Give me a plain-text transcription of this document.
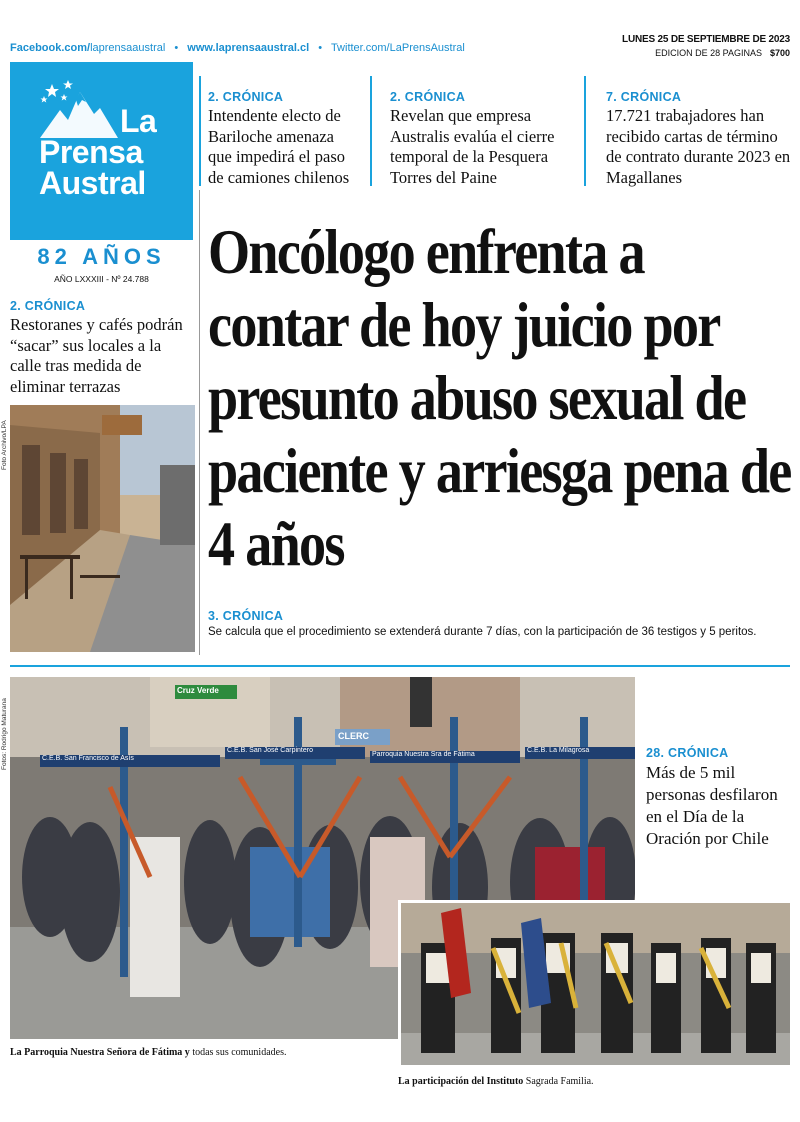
Facebook.com/laprensaaustral • www.laprensaaustral.cl • Twitter.com/LaPrensAustral
LUNES 25 DE SEPTIEMBRE DE 2023
EDICION DE 28 PAGINAS $700
La
Prensa
Austral
82 AÑOS
AÑO LXXXIII - Nº 24.788
2. CRÓNICA
Intendente electo de Bariloche amenaza que impedirá el paso de camiones chilenos
2. CRÓNICA
Revelan que empresa Australis evalúa el cierre temporal de la Pesquera Torres del Paine
7. CRÓNICA
17.721 trabajadores han recibido cartas de término de contrato durante 2023 en Magallanes
2. CRÓNICA
Restoranes y cafés podrán “sacar” sus locales a la calle tras medida de eliminar terrazas
Foto Archivo/LPA
Oncólogo enfrenta a contar de hoy juicio por presunto abuso sexual de paciente y arriesga pena de 4 años
3. CRÓNICA
Se calcula que el procedimiento se extenderá durante 7 días, con la participación de 36 testigos y 5 peritos.
Fotos: Rodrigo Maturana	C.E.B. San Francisco de Asís
C.E.B. San José Carpintero
Parroquia Nuestra Sra de Fátima
C.E.B. La Milagrosa
Cruz Verde
CLERC
La Parroquia Nuestra Señora de Fátima y todas sus comunidades.
La participación del Instituto Sagrada Familia.
28. CRÓNICA
Más de 5 mil personas desfilaron en el Día de la Oración por Chile
